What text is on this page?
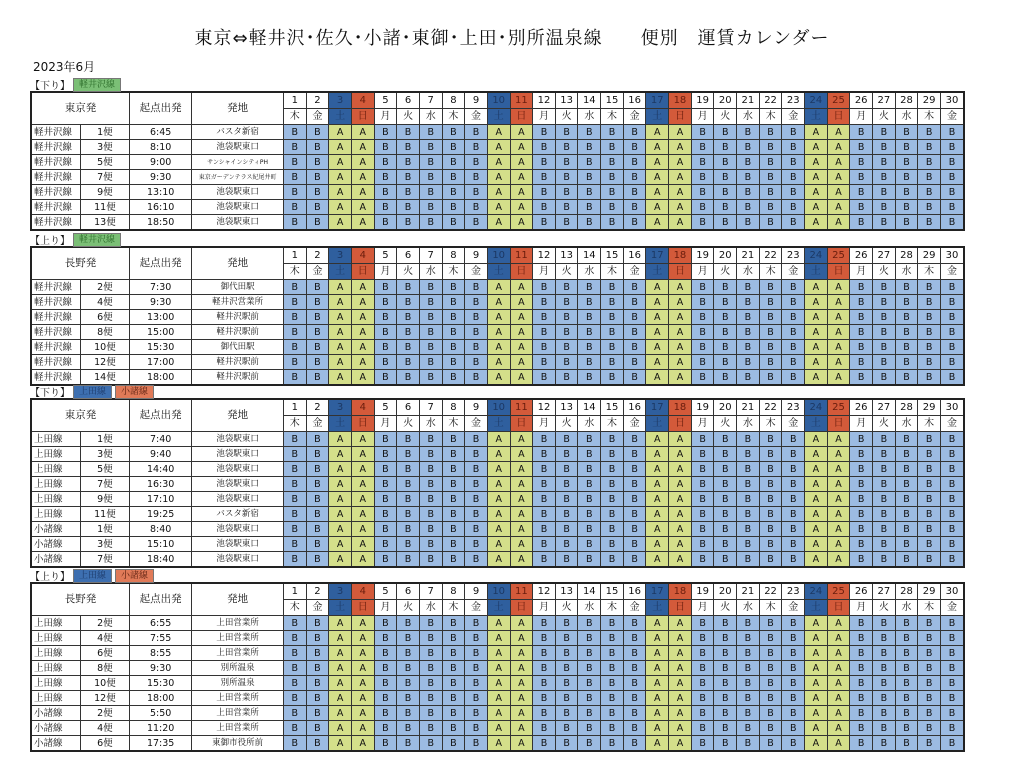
東京⇔軽井沢･佐久･小諸･東御･上田･別所温泉線　　便別　運賃カレンダー
2023年6月
【下り】	軽井沢線
東京発		起点出発	発地	1	2	3	4	5	6	7	8	9	10	11	12	13	14	15	16	17	18	19	20	21	22	23	24	25	26	27	28	29	30
				木	金	土	日	月	火	水	木	金	土	日	月	火	水	木	金	土	日	月	火	水	木	金	土	日	月	火	水	木	金
軽井沢線	1便	6:45	バスタ新宿	B	B	A	A	B	B	B	B	B	A	A	B	B	B	B	B	A	A	B	B	B	B	B	A	A	B	B	B	B	B
軽井沢線	3便	8:10	池袋駅東口	B	B	A	A	B	B	B	B	B	A	A	B	B	B	B	B	A	A	B	B	B	B	B	A	A	B	B	B	B	B
軽井沢線	5便	9:00	サンシャインシティPH	B	B	A	A	B	B	B	B	B	A	A	B	B	B	B	B	A	A	B	B	B	B	B	A	A	B	B	B	B	B
軽井沢線	7便	9:30	東京ガーデンテラス紀尾井町	B	B	A	A	B	B	B	B	B	A	A	B	B	B	B	B	A	A	B	B	B	B	B	A	A	B	B	B	B	B
軽井沢線	9便	13:10	池袋駅東口	B	B	A	A	B	B	B	B	B	A	A	B	B	B	B	B	A	A	B	B	B	B	B	A	A	B	B	B	B	B
軽井沢線	11便	16:10	池袋駅東口	B	B	A	A	B	B	B	B	B	A	A	B	B	B	B	B	A	A	B	B	B	B	B	A	A	B	B	B	B	B
軽井沢線	13便	18:50	池袋駅東口	B	B	A	A	B	B	B	B	B	A	A	B	B	B	B	B	A	A	B	B	B	B	B	A	A	B	B	B	B	B
【上り】	軽井沢線
長野発		起点出発	発地	1	2	3	4	5	6	7	8	9	10	11	12	13	14	15	16	17	18	19	20	21	22	23	24	25	26	27	28	29	30
				木	金	土	日	月	火	水	木	金	土	日	月	火	水	木	金	土	日	月	火	水	木	金	土	日	月	火	水	木	金
軽井沢線	2便	7:30	御代田駅	B	B	A	A	B	B	B	B	B	A	A	B	B	B	B	B	A	A	B	B	B	B	B	A	A	B	B	B	B	B
軽井沢線	4便	9:30	軽井沢営業所	B	B	A	A	B	B	B	B	B	A	A	B	B	B	B	B	A	A	B	B	B	B	B	A	A	B	B	B	B	B
軽井沢線	6便	13:00	軽井沢駅前	B	B	A	A	B	B	B	B	B	A	A	B	B	B	B	B	A	A	B	B	B	B	B	A	A	B	B	B	B	B
軽井沢線	8便	15:00	軽井沢駅前	B	B	A	A	B	B	B	B	B	A	A	B	B	B	B	B	A	A	B	B	B	B	B	A	A	B	B	B	B	B
軽井沢線	10便	15:30	御代田駅	B	B	A	A	B	B	B	B	B	A	A	B	B	B	B	B	A	A	B	B	B	B	B	A	A	B	B	B	B	B
軽井沢線	12便	17:00	軽井沢駅前	B	B	A	A	B	B	B	B	B	A	A	B	B	B	B	B	A	A	B	B	B	B	B	A	A	B	B	B	B	B
軽井沢線	14便	18:00	軽井沢駅前	B	B	A	A	B	B	B	B	B	A	A	B	B	B	B	B	A	A	B	B	B	B	B	A	A	B	B	B	B	B
【下り】	上田線	小諸線
東京発		起点出発	発地	1	2	3	4	5	6	7	8	9	10	11	12	13	14	15	16	17	18	19	20	21	22	23	24	25	26	27	28	29	30
				木	金	土	日	月	火	水	木	金	土	日	月	火	水	木	金	土	日	月	火	水	木	金	土	日	月	火	水	木	金
上田線	1便	7:40	池袋駅東口	B	B	A	A	B	B	B	B	B	A	A	B	B	B	B	B	A	A	B	B	B	B	B	A	A	B	B	B	B	B
上田線	3便	9:40	池袋駅東口	B	B	A	A	B	B	B	B	B	A	A	B	B	B	B	B	A	A	B	B	B	B	B	A	A	B	B	B	B	B
上田線	5便	14:40	池袋駅東口	B	B	A	A	B	B	B	B	B	A	A	B	B	B	B	B	A	A	B	B	B	B	B	A	A	B	B	B	B	B
上田線	7便	16:30	池袋駅東口	B	B	A	A	B	B	B	B	B	A	A	B	B	B	B	B	A	A	B	B	B	B	B	A	A	B	B	B	B	B
上田線	9便	17:10	池袋駅東口	B	B	A	A	B	B	B	B	B	A	A	B	B	B	B	B	A	A	B	B	B	B	B	A	A	B	B	B	B	B
上田線	11便	19:25	バスタ新宿	B	B	A	A	B	B	B	B	B	A	A	B	B	B	B	B	A	A	B	B	B	B	B	A	A	B	B	B	B	B
小諸線	1便	8:40	池袋駅東口	B	B	A	A	B	B	B	B	B	A	A	B	B	B	B	B	A	A	B	B	B	B	B	A	A	B	B	B	B	B
小諸線	3便	15:10	池袋駅東口	B	B	A	A	B	B	B	B	B	A	A	B	B	B	B	B	A	A	B	B	B	B	B	A	A	B	B	B	B	B
小諸線	7便	18:40	池袋駅東口	B	B	A	A	B	B	B	B	B	A	A	B	B	B	B	B	A	A	B	B	B	B	B	A	A	B	B	B	B	B
【上り】	上田線	小諸線
長野発		起点出発	発地	1	2	3	4	5	6	7	8	9	10	11	12	13	14	15	16	17	18	19	20	21	22	23	24	25	26	27	28	29	30
				木	金	土	日	月	火	水	木	金	土	日	月	火	水	木	金	土	日	月	火	水	木	金	土	日	月	火	水	木	金
上田線	2便	6:55	上田営業所	B	B	A	A	B	B	B	B	B	A	A	B	B	B	B	B	A	A	B	B	B	B	B	A	A	B	B	B	B	B
上田線	4便	7:55	上田営業所	B	B	A	A	B	B	B	B	B	A	A	B	B	B	B	B	A	A	B	B	B	B	B	A	A	B	B	B	B	B
上田線	6便	8:55	上田営業所	B	B	A	A	B	B	B	B	B	A	A	B	B	B	B	B	A	A	B	B	B	B	B	A	A	B	B	B	B	B
上田線	8便	9:30	別所温泉	B	B	A	A	B	B	B	B	B	A	A	B	B	B	B	B	A	A	B	B	B	B	B	A	A	B	B	B	B	B
上田線	10便	15:30	別所温泉	B	B	A	A	B	B	B	B	B	A	A	B	B	B	B	B	A	A	B	B	B	B	B	A	A	B	B	B	B	B
上田線	12便	18:00	上田営業所	B	B	A	A	B	B	B	B	B	A	A	B	B	B	B	B	A	A	B	B	B	B	B	A	A	B	B	B	B	B
小諸線	2便	5:50	上田営業所	B	B	A	A	B	B	B	B	B	A	A	B	B	B	B	B	A	A	B	B	B	B	B	A	A	B	B	B	B	B
小諸線	4便	11:20	上田営業所	B	B	A	A	B	B	B	B	B	A	A	B	B	B	B	B	A	A	B	B	B	B	B	A	A	B	B	B	B	B
小諸線	6便	17:35	東御市役所前	B	B	A	A	B	B	B	B	B	A	A	B	B	B	B	B	A	A	B	B	B	B	B	A	A	B	B	B	B	B
